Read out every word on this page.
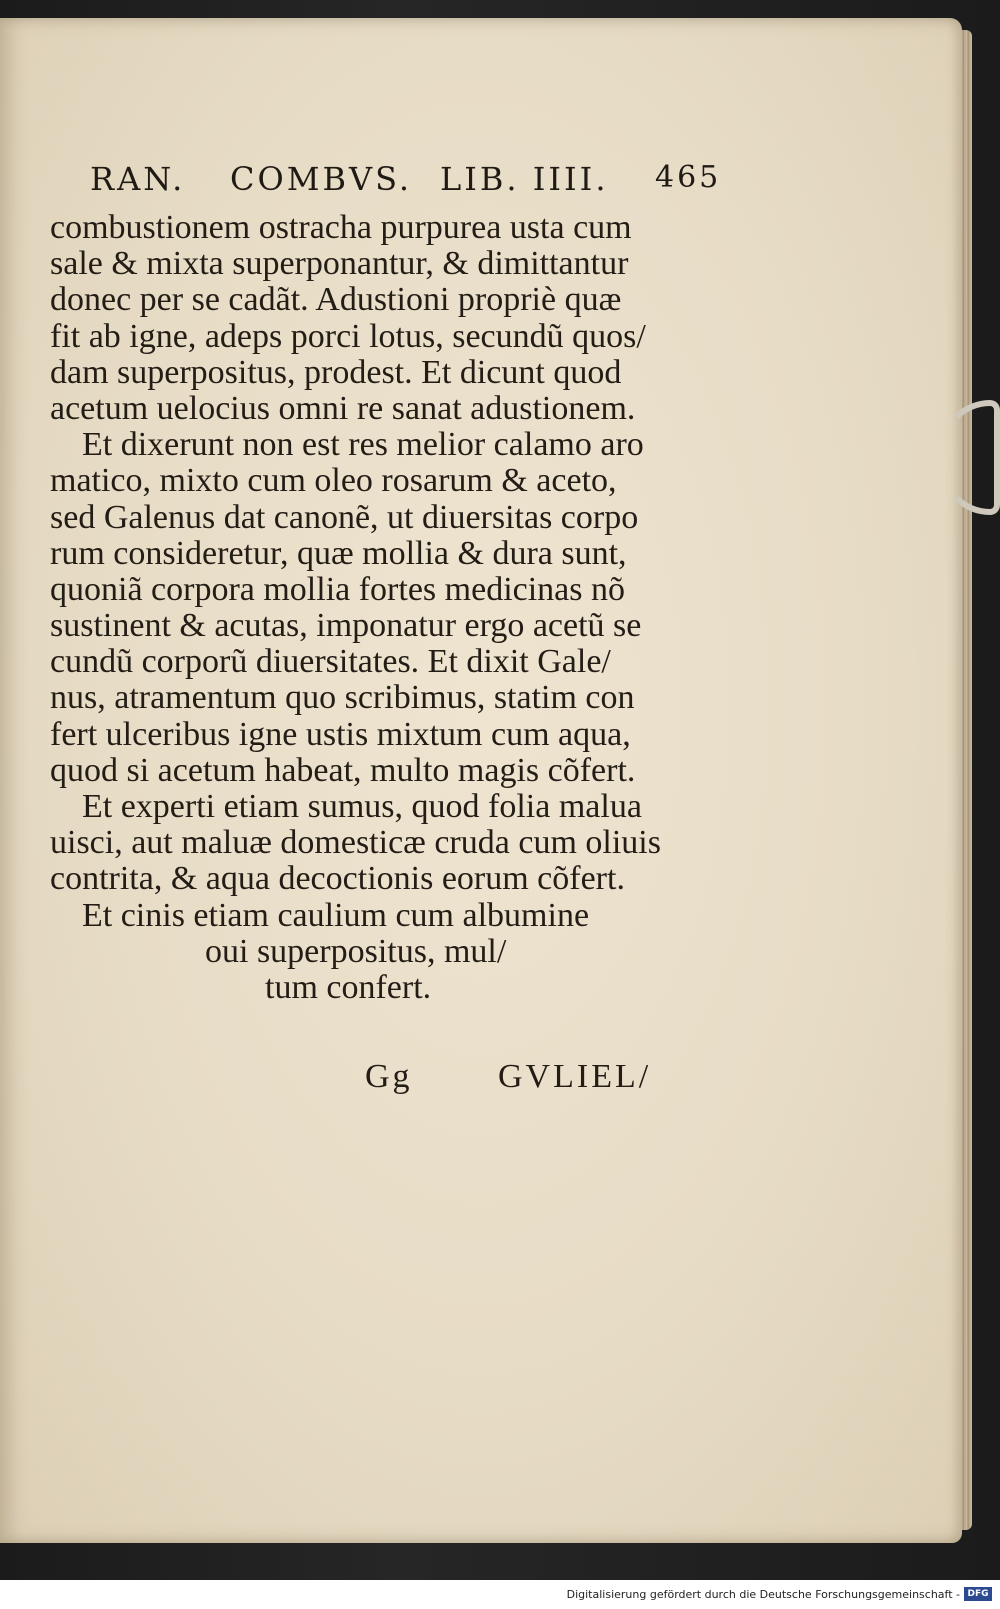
RAN. COMBVS. LIB. IIII. 465
combustionem ostracha purpurea usta cum
sale & mixta superponantur, & dimittantur
donec per se cadãt. Adustioni propriè quæ
fit ab igne, adeps porci lotus, secundũ quos/
dam superpositus, prodest. Et dicunt quod
acetum uelocius omni re sanat adustionem.
Et dixerunt non est res melior calamo aro
matico, mixto cum oleo rosarum & aceto,
sed Galenus dat canonẽ, ut diuersitas corpo
rum consideretur, quæ mollia & dura sunt,
quoniã corpora mollia fortes medicinas nõ
sustinent & acutas, imponatur ergo acetũ se
cundũ corporũ diuersitates. Et dixit Gale/
nus, atramentum quo scribimus, statim con
fert ulceribus igne ustis mixtum cum aqua,
quod si acetum habeat, multo magis cõfert.
Et experti etiam sumus, quod folia malua
uisci, aut maluæ domesticæ cruda cum oliuis
contrita, & aqua decoctionis eorum cõfert.
Et cinis etiam caulium cum albumine
oui superpositus, mul/
tum confert.
Gg	GVLIEL/
Digitalisierung gefördert durch die Deutsche Forschungsgemeinschaft - DFG
